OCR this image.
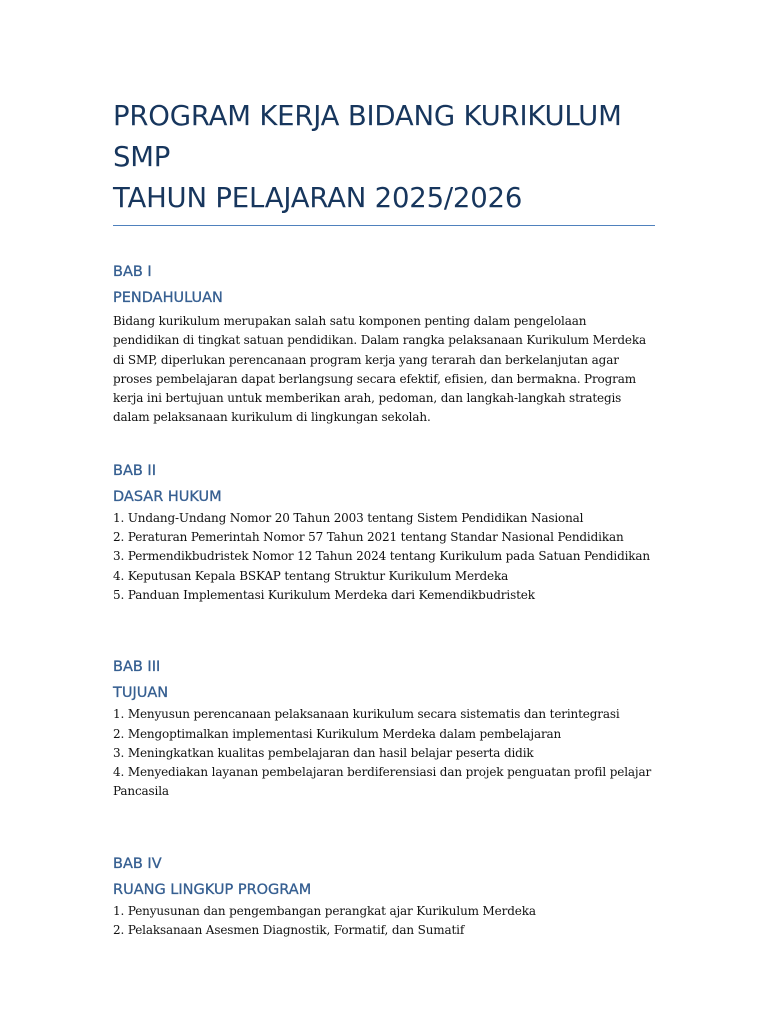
PROGRAM KERJA BIDANG KURIKULUM
SMP
TAHUN PELAJARAN 2025/2026
BAB I
PENDAHULUAN

Bidang kurikulum merupakan salah satu komponen penting dalam pengelolaan pendidikan di tingkat satuan pendidikan. Dalam rangka pelaksanaan Kurikulum Merdeka di SMP, diperlukan perencanaan program kerja yang terarah dan berkelanjutan agar proses pembelajaran dapat berlangsung secara efektif, efisien, dan bermakna. Program kerja ini bertujuan untuk memberikan arah, pedoman, dan langkah-langkah strategis dalam pelaksanaan kurikulum di lingkungan sekolah.

BAB II
DASAR HUKUM
1. Undang-Undang Nomor 20 Tahun 2003 tentang Sistem Pendidikan Nasional
2. Peraturan Pemerintah Nomor 57 Tahun 2021 tentang Standar Nasional Pendidikan
3. Permendikbudristek Nomor 12 Tahun 2024 tentang Kurikulum pada Satuan Pendidikan
4. Keputusan Kepala BSKAP tentang Struktur Kurikulum Merdeka
5. Panduan Implementasi Kurikulum Merdeka dari Kemendikbudristek
BAB III
TUJUAN
1. Menyusun perencanaan pelaksanaan kurikulum secara sistematis dan terintegrasi
2. Mengoptimalkan implementasi Kurikulum Merdeka dalam pembelajaran
3. Meningkatkan kualitas pembelajaran dan hasil belajar peserta didik
4. Menyediakan layanan pembelajaran berdiferensiasi dan projek penguatan profil pelajar Pancasila
BAB IV
RUANG LINGKUP PROGRAM
1. Penyusunan dan pengembangan perangkat ajar Kurikulum Merdeka
2. Pelaksanaan Asesmen Diagnostik, Formatif, dan Sumatif
